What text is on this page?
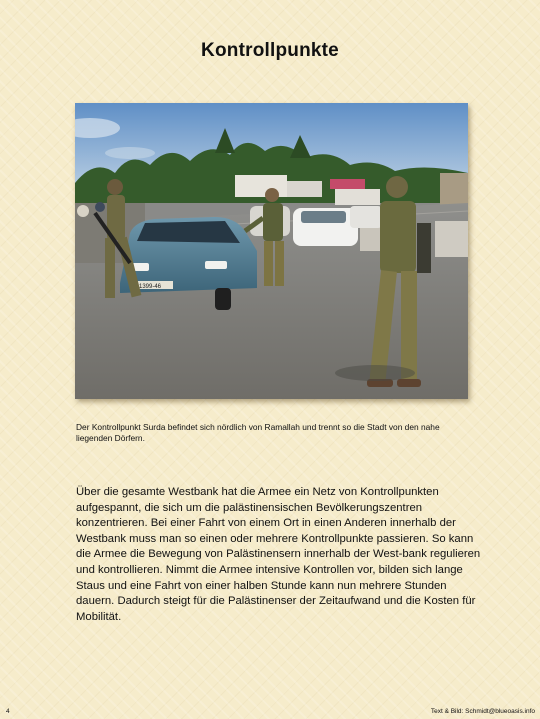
Kontrollpunkte
1399-46

Der Kontrollpunkt Surda befindet sich nördlich von Ramallah und trennt so die Stadt von den nahe liegenden Dörfern.

Über die gesamte Westbank hat die Armee ein Netz von Kontrollpunkten aufgespannt, die sich um die palästinensischen Bevölkerungszentren konzentrieren. Bei einer Fahrt von einem Ort in einen Anderen innerhalb der Westbank muss man so einen oder mehrere Kontrollpunkte passieren. So kann die Armee die Bewegung von Palästinensern innerhalb der West-bank regulieren und kontrollieren. Nimmt die Armee intensive Kontrollen vor, bilden sich lange Staus und eine Fahrt von einer halben Stunde kann nun mehrere Stunden dauern. Dadurch steigt für die Palästinenser der Zeitaufwand und die Kosten für Mobilität.

4	Text & Bild: Schmidt@blueoasis.info
